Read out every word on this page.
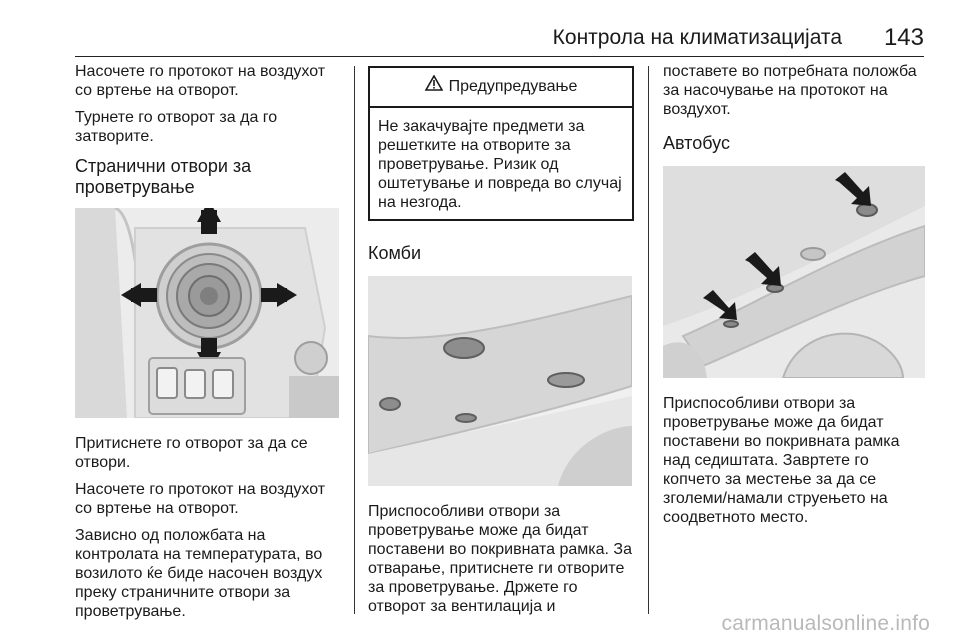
Контрола на климатизацијата 143

Насочете го протокот на воздухот со вртење на отворот.

Турнете го отворот за да го затворите.

Странични отвори за проветрување

Притиснете го отворот за да се отвори.

Насочете го протокот на воздухот со вртење на отворот.

Зависно од положбата на контролата на температурата, во возилото ќе биде насочен воздух преку страничните отвори за проветрување.

Предупредување
Не закачувајте предмети за решетките на отворите за проветрување. Ризик од оштетување и повреда во случај на незгода.
Комби

Приспособливи отвори за проветрување може да бидат поставени во покривната рамка. За отварање, притиснете ги отворите за проветрување. Држете го отворот за вентилација и

поставете во потребната положба за насочување на протокот на воздухот.

Автобус

Приспособливи отвори за проветрување може да бидат поставени во покривната рамка над седиштата. Завртете го копчето за местење за да се зголеми/намали струењето на соодветното место.

carmanualsonline.info
